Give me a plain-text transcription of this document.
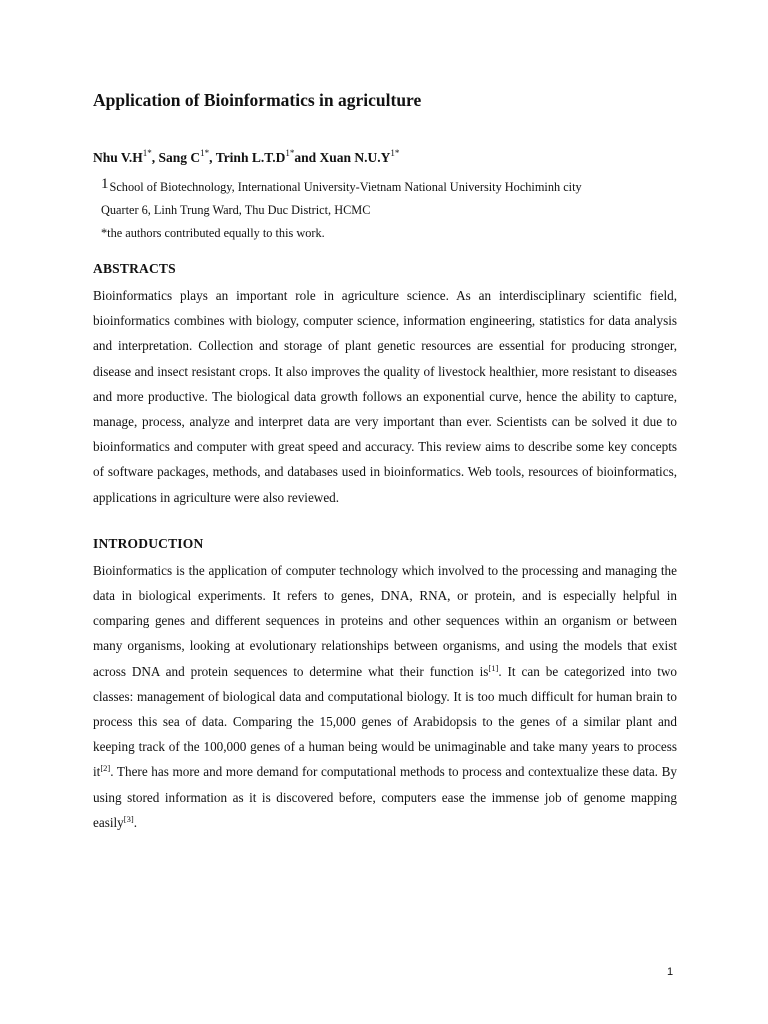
Application of Bioinformatics in agriculture
Nhu $V.H^{1*}$, Sang $C^{1*}$, Trinh $L.T.D^{1*}and$ Xuan $N.U.Y^{1*}$
1School of Biotechnology, International University-Vietnam National University Hochiminh city
Quarter 6, Linh Trung Ward, Thu Duc District, HCMC
*the authors contributed equally to this work.
ABSTRACTS

Bioinformatics plays an important role in agriculture science. As an interdisciplinary scientific field, bioinformatics combines with biology, computer science, information engineering, statistics for data analysis and interpretation. Collection and storage of plant genetic resources are essential for producing stronger, disease and insect resistant crops. It also improves the quality of livestock healthier, more resistant to diseases and more productive. The biological data growth follows an exponential curve, hence the ability to capture, manage, process, analyze and interpret data are very important than ever. Scientists can be solved it due to bioinformatics and computer with great speed and accuracy. This review aims to describe some key concepts of software packages, methods, and databases used in bioinformatics. Web tools, resources of bioinformatics, applications in agriculture were also reviewed.

INTRODUCTION

Bioinformatics is the application of computer technology which involved to the processing and managing the data in biological experiments. It refers to genes, DNA, RNA, or protein, and is especially helpful in comparing genes and different sequences in proteins and other sequences within an organism or between many organisms, looking at evolutionary relationships between organisms, and using the models that exist across DNA and protein sequences to determine what their function is[1]. It can be categorized into two classes: management of biological data and computational biology. It is too much difficult for human brain to process this sea of data. Comparing the 15,000 genes of Arabidopsis to the genes of a similar plant and keeping track of the 100,000 genes of a human being would be unimaginable and take many years to process it[2]. There has more and more demand for computational methods to process and contextualize these data. By using stored information as it is discovered before, computers ease the immense job of genome mapping easily[3].

1
